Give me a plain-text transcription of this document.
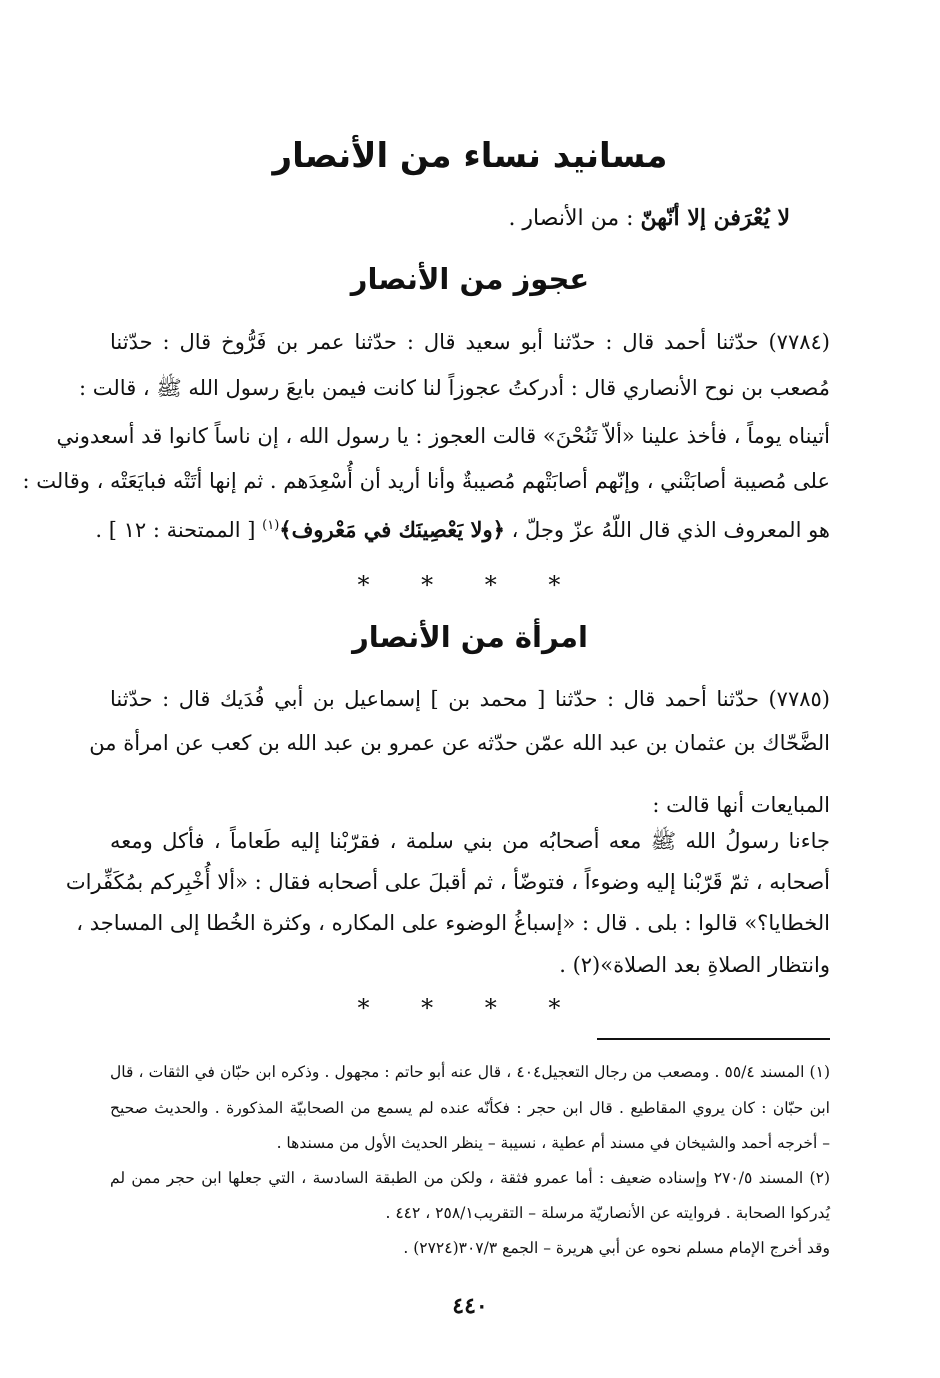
مسانيد نساء من الأنصار
لا يُعْرَفن إلا أنّهنّ : من الأنصار .
عجوز من الأنصار
(٧٧٨٤) حدّثنا أحمد قال : حدّثنا أبو سعيد قال : حدّثنا عمر بن فَرُّوخ قال : حدّثنا
مُصعب بن نوح الأنصاري قال : أدركتُ عجوزاً لنا كانت فيمن بايعَ رسول الله ﷺ ، قالت :
أتيناه يوماً ، فأخذ علينا «ألاّ تَنُحْنَ» قالت العجوز : يا رسول الله ، إن ناساً كانوا قد أسعدوني
على مُصيبة أصابَتْني ، وإنّهم أصابَتْهم مُصيبةٌ وأنا أريد أن أُسْعِدَهم . ثم إنها أتَتْه فبايَعَتْه ، وقالت :
هو المعروف الذي قال اللّهُ عزّ وجلّ ، ﴿ولا يَعْصِينَك في مَعْروف﴾$^{(١)}$ [ الممتحنة : ١٢ ] .
* * * *
امرأة من الأنصار
(٧٧٨٥) حدّثنا أحمد قال : حدّثنا [ محمد بن ] إسماعيل بن أبي فُدَيك قال : حدّثنا
الضَّحّاك بن عثمان بن عبد الله عمّن حدّثه عن عمرو بن عبد الله بن كعب عن امرأة من
المبايعات أنها قالت :
جاءنا رسولُ الله ﷺ معه أصحابُه من بني سلمة ، فقرّبْنا إليه طَعاماً ، فأكل ومعه
أصحابه ، ثمّ قَرّبْنا إليه وضوءاً ، فتوضّأ ، ثم أقبلَ على أصحابه فقال : «ألا أُخْبِركم بمُكَفِّرات
الخطايا؟» قالوا : بلى . قال : «إسباغُ الوضوء على المكاره ، وكثرة الخُطا إلى المساجد ،
وانتظار الصلاةِ بعد الصلاة»(٢) .
* * * *
(١) المسند ٥٥/٤ . ومصعب من رجال التعجيل٤٠٤ ، قال عنه أبو حاتم : مجهول . وذكره ابن حبّان في الثقات ، قال
ابن حبّان : كان يروي المقاطيع . قال ابن حجر : فكأنّه عنده لم يسمع من الصحابيّة المذكورة . والحديث صحيح
– أخرجه أحمد والشيخان في مسند أم عطية ، نسيبة – ينظر الحديث الأول من مسندها .
(٢) المسند ٢٧٠/٥ وإسناده ضعيف : أما عمرو فثقة ، ولكن من الطبقة السادسة ، التي جعلها ابن حجر ممن لم
يُدركوا الصحابة . فروايته عن الأنصاريّة مرسلة – التقريب٢٥٨/١ ، ٤٤٢ .
وقد أخرج الإمام مسلم نحوه عن أبي هريرة – الجمع ٣٠٧/٣(٢٧٢٤) .
٤٤٠
